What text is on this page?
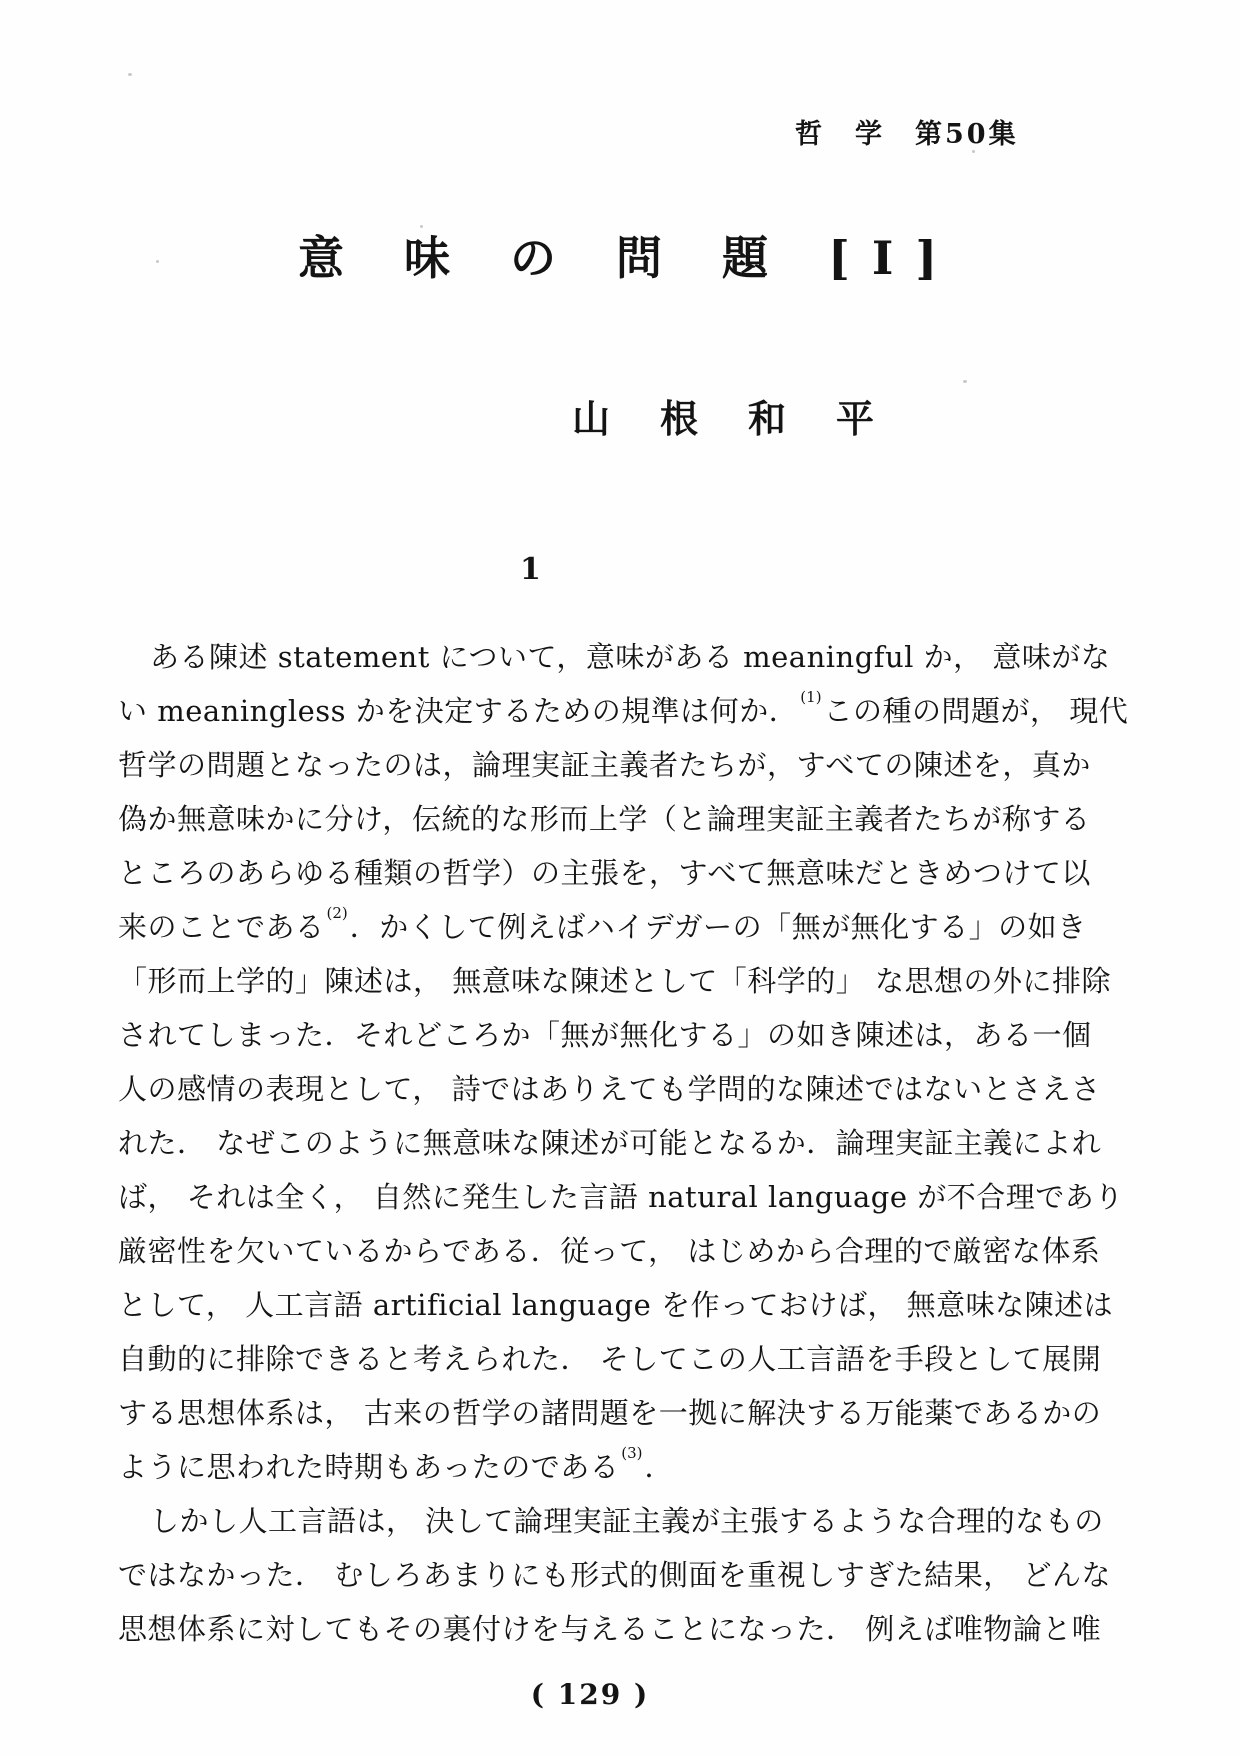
哲　学　第50集
意 味 の 問 題 [I]
山　根　和　平
1
ある陳述 statement について，意味がある meaningful か， 意味がな
い meaningless かを決定するための規準は何か． (1)この種の問題が， 現代
哲学の問題となったのは，論理実証主義者たちが，すべての陳述を，真か
偽か無意味かに分け，伝統的な形而上学（と論理実証主義者たちが称する
ところのあらゆる種類の哲学）の主張を，すべて無意味だときめつけて以
来のことである (2)．かくして例えばハイデガーの「無が無化する」の如き
「形而上学的」陳述は， 無意味な陳述として「科学的」 な思想の外に排除
されてしまった．それどころか「無が無化する」の如き陳述は，ある一個
人の感情の表現として， 詩ではありえても学問的な陳述ではないとさえさ
れた． なぜこのように無意味な陳述が可能となるか．論理実証主義によれ
ば， それは全く， 自然に発生した言語 natural language が不合理であり
厳密性を欠いているからである．従って， はじめから合理的で厳密な体系
として， 人工言語 artificial language を作っておけば， 無意味な陳述は
自動的に排除できると考えられた． そしてこの人工言語を手段として展開
する思想体系は， 古来の哲学の諸問題を一拠に解決する万能薬であるかの
ように思われた時期もあったのである (3)．
しかし人工言語は， 決して論理実証主義が主張するような合理的なもの
ではなかった． むしろあまりにも形式的側面を重視しすぎた結果， どんな
思想体系に対してもその裏付けを与えることになった． 例えば唯物論と唯
( 129 )
